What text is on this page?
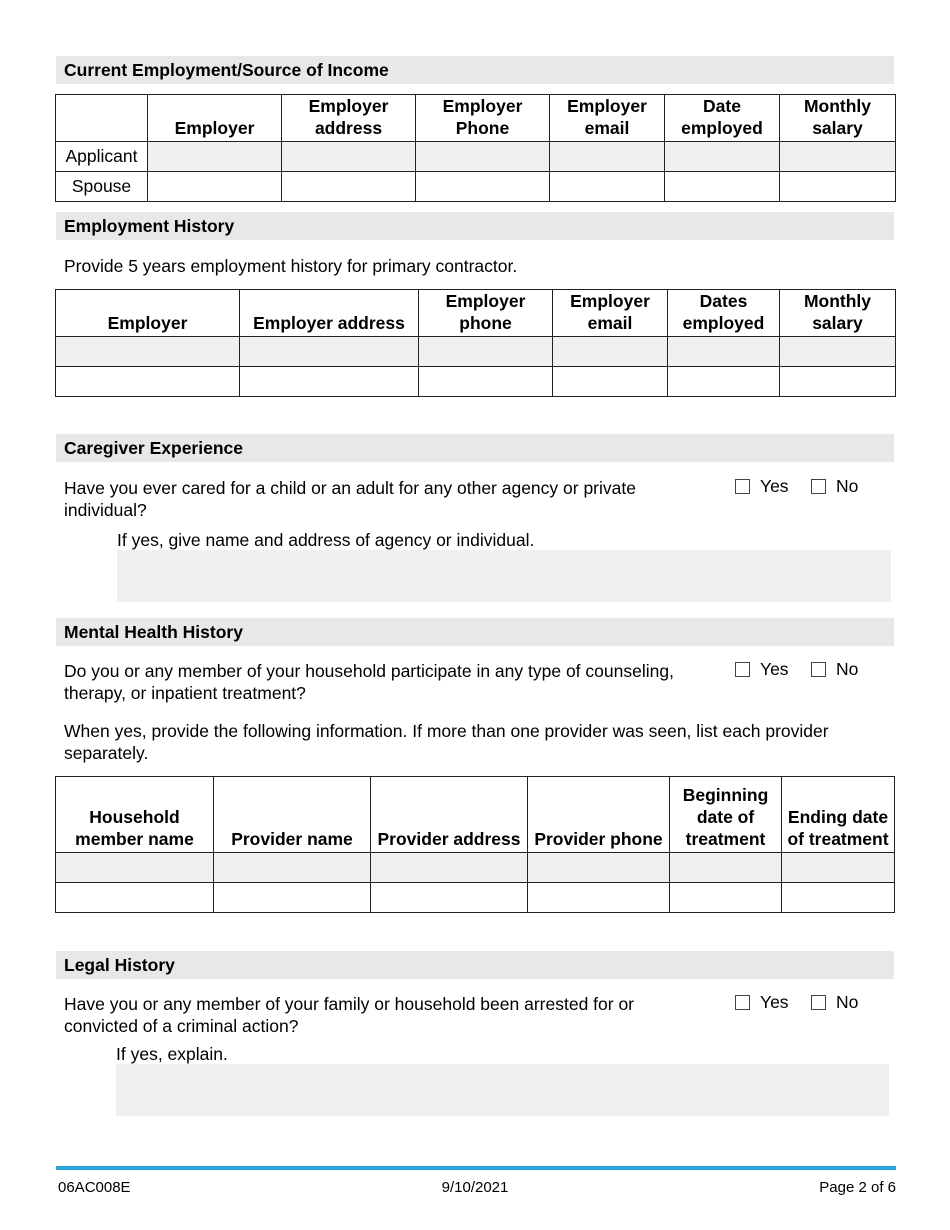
Current Employment/Source of Income
	Employer	Employer address	Employer Phone	Employer email	Date employed	Monthly salary
Applicant						
Spouse						
Employment History
Provide 5 years employment history for primary contractor.
Employer	Employer address	Employer phone	Employer email	Dates employed	Monthly salary

Caregiver Experience
Have you ever cared for a child or an adult for any other agency or private individual?
Yes	No
If yes, give name and address of agency or individual.
Mental Health History
Do you or any member of your household participate in any type of counseling, therapy, or inpatient treatment?
Yes	No
When yes, provide the following information. If more than one provider was seen, list each provider separately.
Household member name	Provider name	Provider address	Provider phone	Beginning date of treatment	Ending date of treatment

Legal History
Have you or any member of your family or household been arrested for or convicted of a criminal action?
Yes	No
If yes, explain.
06AC008E	9/10/2021	Page 2 of 6
